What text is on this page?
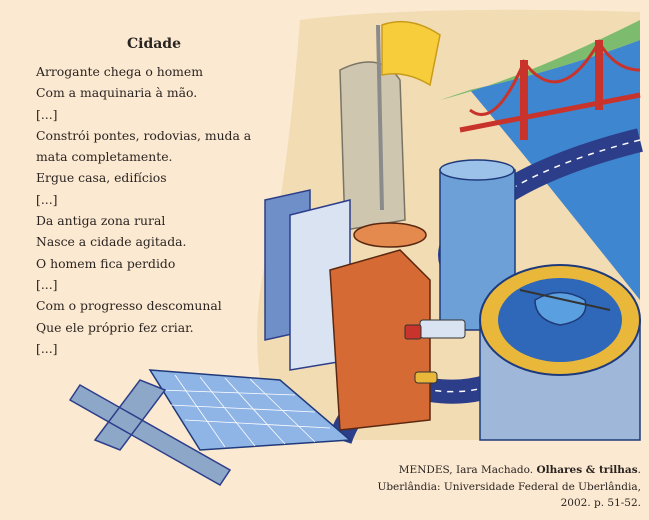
Cidade
Arrogante chega o homem
Com a maquinaria à mão.
[...]
Constrói pontes, rodovias, muda a
mata completamente.
Ergue casa, edifícios
[...]
Da antiga zona rural
Nasce a cidade agitada.
O homem fica perdido
[...]
Com o progresso descomunal
Que ele próprio fez criar.
[...]
MENDES, Iara Machado. Olhares & trilhas.
Uberlândia: Universidade Federal de Uberlândia,
2002. p. 51-52.
